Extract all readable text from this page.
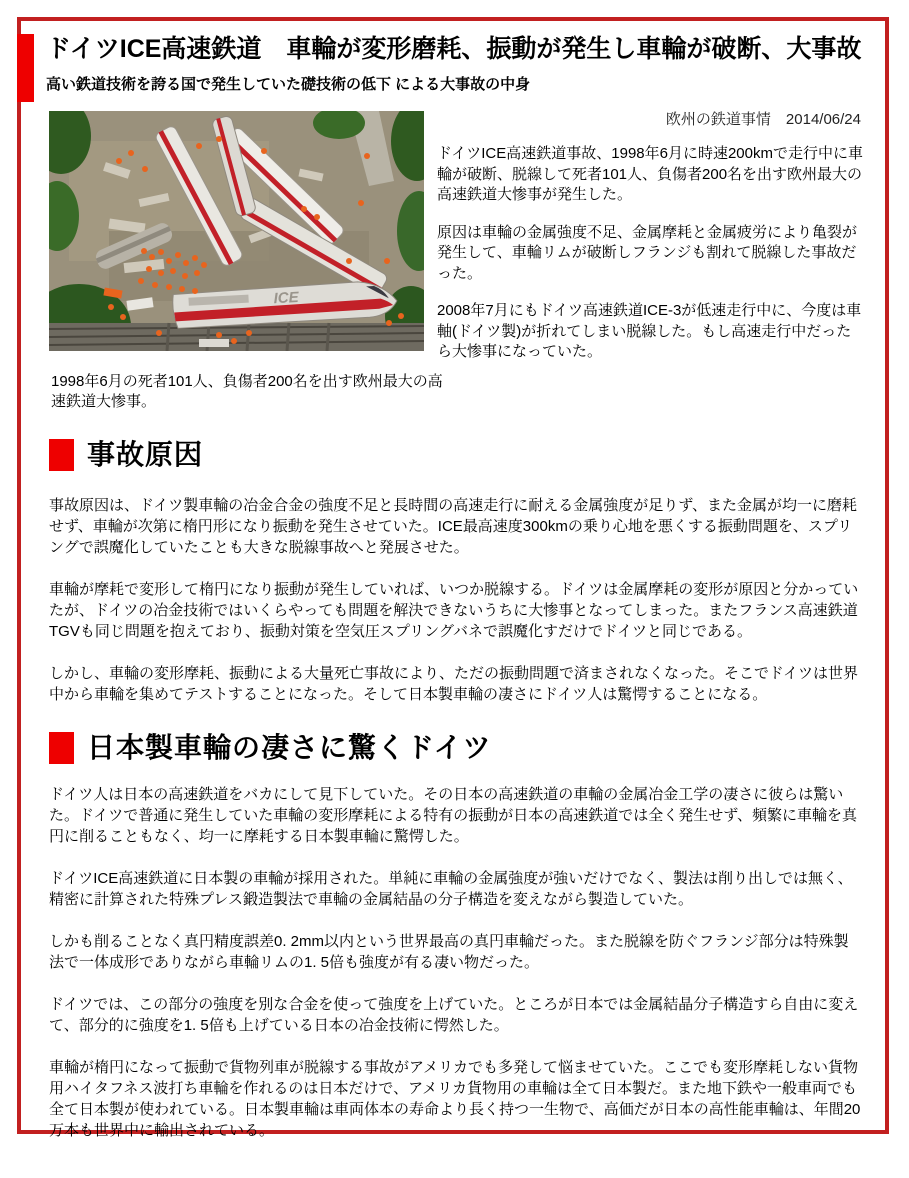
ドイツICE高速鉄道　車輪が変形磨耗、振動が発生し車輪が破断、大事故
高い鉄道技術を誇る国で発生していた礎技術の低下 による大事故の中身
ICE
欧州の鉄道事情　2014/06/24

ドイツICE高速鉄道事故、1998年6月に時速200kmで走行中に車輪が破断、脱線して死者101人、負傷者200名を出す欧州最大の高速鉄道大惨事が発生した。

原因は車輪の金属強度不足、金属摩耗と金属疲労により亀裂が発生して、車輪リムが破断しフランジも割れて脱線した事故だった。

2008年7月にもドイツ高速鉄道ICE-3が低速走行中に、今度は車軸(ドイツ製)が折れてしまい脱線した。もし高速走行中だったら大惨事になっていた。

1998年6月の死者101人、負傷者200名を出す欧州最大の高速鉄道大惨事。
事故原因

事故原因は、ドイツ製車輪の冶金合金の強度不足と長時間の高速走行に耐える金属強度が足りず、また金属が均一に磨耗せず、車輪が次第に楕円形になり振動を発生させていた。ICE最高速度300kmの乗り心地を悪くする振動問題を、スプリングで誤魔化していたことも大きな脱線事故へと発展させた。

車輪が摩耗で変形して楕円になり振動が発生していれば、いつか脱線する。ドイツは金属摩耗の変形が原因と分かっていたが、ドイツの冶金技術ではいくらやっても問題を解決できないうちに大惨事となってしまった。またフランス高速鉄道TGVも同じ問題を抱えており、振動対策を空気圧スプリングバネで誤魔化すだけでドイツと同じである。

しかし、車輪の変形摩耗、振動による大量死亡事故により、ただの振動問題で済まされなくなった。そこでドイツは世界中から車輪を集めてテストすることになった。そして日本製車輪の凄さにドイツ人は驚愕することになる。

日本製車輪の凄さに驚くドイツ

ドイツ人は日本の高速鉄道をバカにして見下していた。その日本の高速鉄道の車輪の金属冶金工学の凄さに彼らは驚いた。ドイツで普通に発生していた車輪の変形摩耗による特有の振動が日本の高速鉄道では全く発生せず、頻繁に車輪を真円に削ることもなく、均一に摩耗する日本製車輪に驚愕した。

ドイツICE高速鉄道に日本製の車輪が採用された。単純に車輪の金属強度が強いだけでなく、製法は削り出しでは無く、精密に計算された特殊プレス鍛造製法で車輪の金属結晶の分子構造を変えながら製造していた。

しかも削ることなく真円精度誤差0. 2mm以内という世界最高の真円車輪だった。また脱線を防ぐフランジ部分は特殊製法で一体成形でありながら車輪リムの1. 5倍も強度が有る凄い物だった。

ドイツでは、この部分の強度を別な合金を使って強度を上げていた。ところが日本では金属結晶分子構造すら自由に変えて、部分的に強度を1. 5倍も上げている日本の冶金技術に愕然した。

車輪が楕円になって振動で貨物列車が脱線する事故がアメリカでも多発して悩ませていた。ここでも変形摩耗しない貨物用ハイタフネス波打ち車輪を作れるのは日本だけで、アメリカ貨物用の車輪は全て日本製だ。また地下鉄や一般車両でも全て日本製が使われている。日本製車輪は車両体本の寿命より長く持つ一生物で、高価だが日本の高性能車輪は、年間20万本も世界中に輸出されている。
